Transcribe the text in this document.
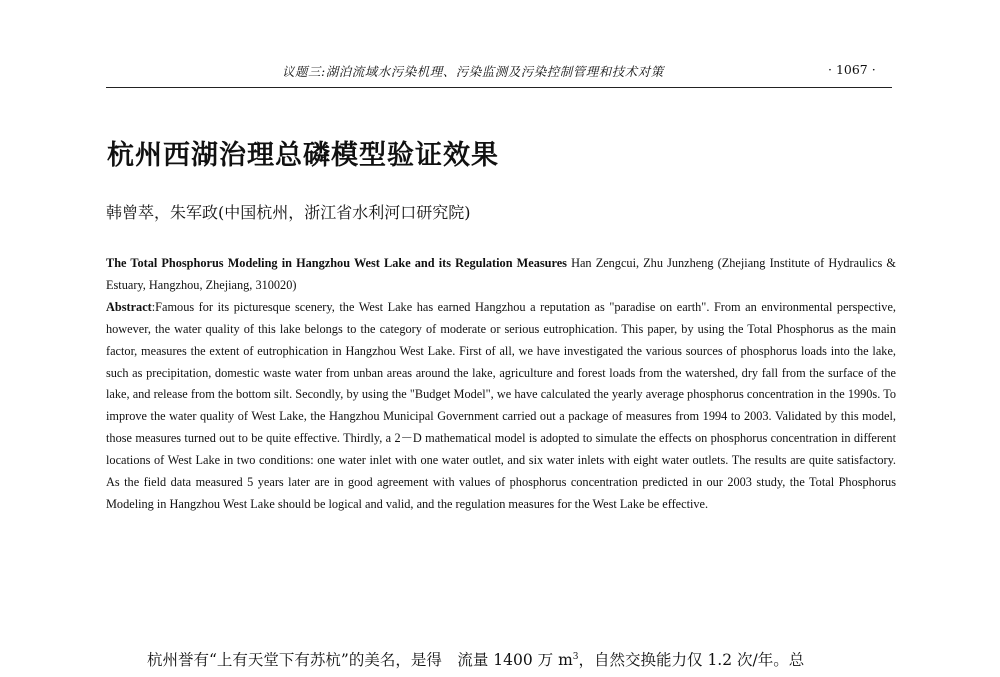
议题三:湖泊流域水污染机理、污染监测及污染控制管理和技术对策	· 1067 ·
杭州西湖治理总磷模型验证效果
韩曾萃，朱军政(中国杭州，浙江省水利河口研究院)

The Total Phosphorus Modeling in Hangzhou West Lake and its Regulation Measures Han Zengcui, Zhu Junzheng (Zhejiang Institute of Hydraulics & Estuary, Hangzhou, Zhejiang, 310020)

Abstract:Famous for its picturesque scenery, the West Lake has earned Hangzhou a reputation as "paradise on earth". From an environmental perspective, however, the water quality of this lake belongs to the category of moderate or serious eutrophication. This paper, by using the Total Phosphorus as the main factor, measures the extent of eutrophication in Hangzhou West Lake. First of all, we have investigated the various sources of phosphorus loads into the lake, such as precipitation, domestic waste water from unban areas around the lake, agriculture and forest loads from the watershed, dry fall from the surface of the lake, and release from the bottom silt. Secondly, by using the "Budget Model", we have calculated the yearly average phosphorus concentration in the 1990s. To improve the water quality of West Lake, the Hangzhou Municipal Government carried out a package of measures from 1994 to 2003. Validated by this model, those measures turned out to be quite effective. Thirdly, a 2－D mathematical model is adopted to simulate the effects on phosphorus concentration in different locations of West Lake in two conditions: one water inlet with one water outlet, and six water inlets with eight water outlets. The results are quite satisfactory. As the field data measured 5 years later are in good agreement with values of phosphorus concentration predicted in our 2003 study, the Total Phosphorus Modeling in Hangzhou West Lake should be logical and valid, and the regulation measures for the West Lake be effective.

杭州誉有“上有天堂下有苏杭”的美名，是得　流量 1400 万 $m^3$，自然交换能力仅 1.2 次/年。总
